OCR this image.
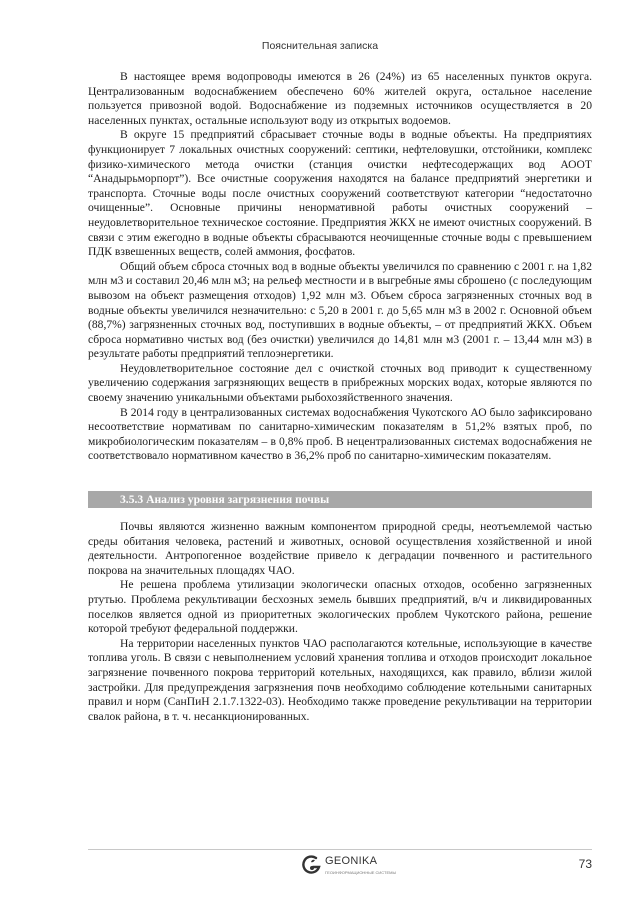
Пояснительная записка

В настоящее время водопроводы имеются в 26 (24%) из 65 населенных пунктов округа. Централизованным водоснабжением обеспечено 60% жителей округа, остальное население пользуется привозной водой. Водоснабжение из подземных источников осуществляется в 20 населенных пунктах, остальные используют воду из открытых водоемов.

В округе 15 предприятий сбрасывает сточные воды в водные объекты. На предприятиях функционирует 7 локальных очистных сооружений: септики, нефтеловушки, отстойники, комплекс физико-химического метода очистки (станция очистки нефтесодержащих вод АООТ “Анадырьморпорт”). Все очистные сооружения находятся на балансе предприятий энергетики и транспорта. Сточные воды после очистных сооружений соответствуют категории “недостаточно очищенные”. Основные причины ненормативной работы очистных сооружений – неудовлетворительное техническое состояние. Предприятия ЖКХ не имеют очистных сооружений. В связи с этим ежегодно в водные объекты сбрасываются неочищенные сточные воды с превышением ПДК взвешенных веществ, солей аммония, фосфатов.

Общий объем сброса сточных вод в водные объекты увеличился по сравнению с 2001 г. на 1,82 млн м3 и составил 20,46 млн м3; на рельеф местности и в выгребные ямы сброшено (с последующим вывозом на объект размещения отходов) 1,92 млн м3. Объем сброса загрязненных сточных вод в водные объекты увеличился незначительно: с 5,20 в 2001 г. до 5,65 млн м3 в 2002 г. Основной объем (88,7%) загрязненных сточных вод, поступивших в водные объекты, – от предприятий ЖКХ. Объем сброса нормативно чистых вод (без очистки) увеличился до 14,81 млн м3 (2001 г. – 13,44 млн м3) в результате работы предприятий теплоэнергетики.

Неудовлетворительное состояние дел с очисткой сточных вод приводит к существенному увеличению содержания загрязняющих веществ в прибрежных морских водах, которые являются по своему значению уникальными объектами рыбохозяйственного значения.

В 2014 году в централизованных системах водоснабжения Чукотского АО было зафиксировано несоответствие нормативам по санитарно-химическим показателям в 51,2% взятых проб, по микробиологическим показателям – в 0,8% проб. В нецентрализованных системах водоснабжения не соответствовало нормативном качество в 36,2% проб по санитарно-химическим показателям.

3.5.3 Анализ уровня загрязнения почвы

Почвы являются жизненно важным компонентом природной среды, неотъемлемой частью среды обитания человека, растений и животных, основой осуществления хозяйственной и иной деятельности. Антропогенное воздействие привело к деградации почвенного и растительного покрова на значительных площадях ЧАО.

Не решена проблема утилизации экологически опасных отходов, особенно загрязненных ртутью. Проблема рекультивации бесхозных земель бывших предприятий, в/ч и ликвидированных поселков является одной из приоритетных экологических проблем Чукотского района, решение которой требуют федеральной поддержки.

На территории населенных пунктов ЧАО располагаются котельные, использующие в качестве топлива уголь. В связи с невыполнением условий хранения топлива и отходов происходит локальное загрязнение почвенного покрова территорий котельных, находящихся, как правило, вблизи жилой застройки. Для предупреждения загрязнения почв необходимо соблюдение котельными санитарных правил и норм (СанПиН 2.1.7.1322-03). Необходимо также проведение рекультивации на территории свалок района, в т. ч. несанкционированных.

GEONIKA
ГЕОИНФОРМАЦИОННЫЕ СИСТЕМЫ
73
